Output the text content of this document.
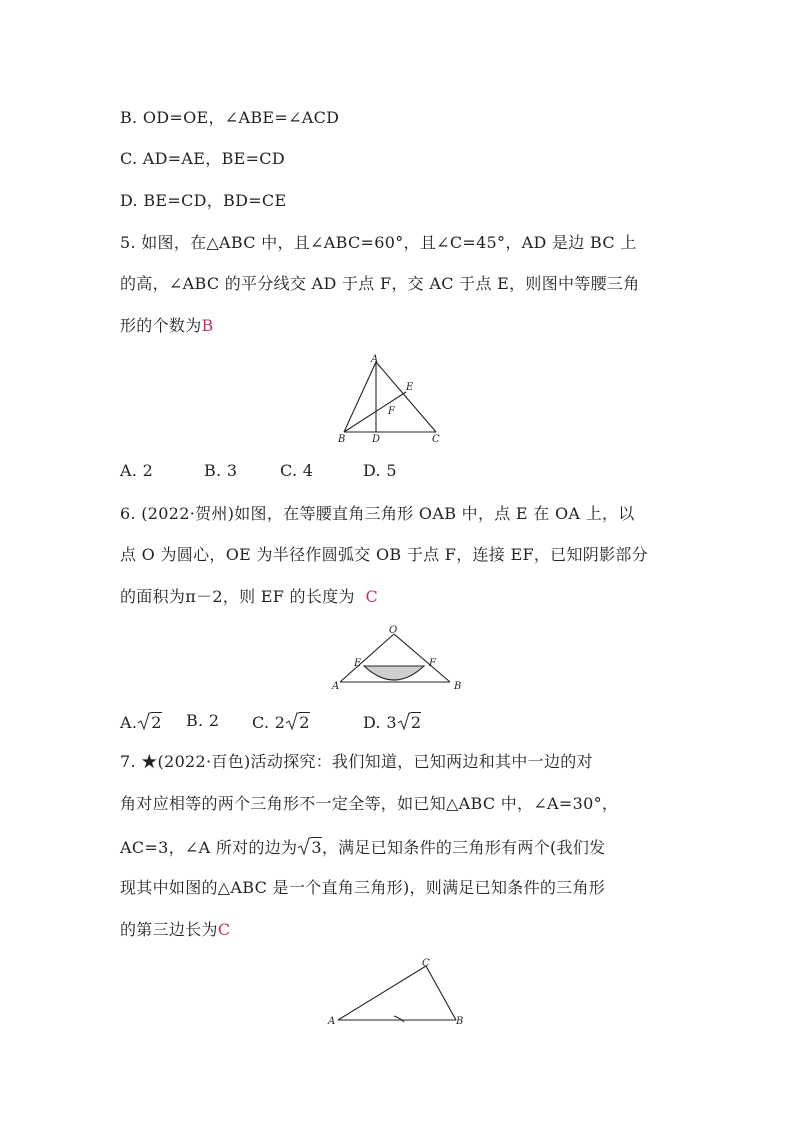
B. OD=OE，∠ABE=∠ACD
C. AD=AE，BE=CD
D. BE=CD，BD=CE
5. 如图，在△ABC 中，且∠ABC=60°，且∠C=45°，AD 是边 BC 上
的高，∠ABC 的平分线交 AD 于点 F，交 AC 于点 E，则图中等腰三角
形的个数为B
A
B	D	C
E
F
A. 2	B. 3	C. 4	D. 5
6. (2022·贺州)如图，在等腰直角三角形 OAB 中，点 E 在 OA 上，以
点 O 为圆心，OE 为半径作圆弧交 OB 于点 F，连接 EF，已知阴影部分
的面积为π－2，则 EF 的长度为 C
O
E	F
A	B
A. 2 B. 2 C. 2 2	D. 3 2
7. ★(2022·百色)活动探究：我们知道，已知两边和其中一边的对
角对应相等的两个三角形不一定全等，如已知△ABC 中，∠A=30°，
AC=3，∠A 所对的边为 3，满足已知条件的三角形有两个(我们发
现其中如图的△ABC 是一个直角三角形)，则满足已知条件的三角形
的第三边长为C
A
C
B
